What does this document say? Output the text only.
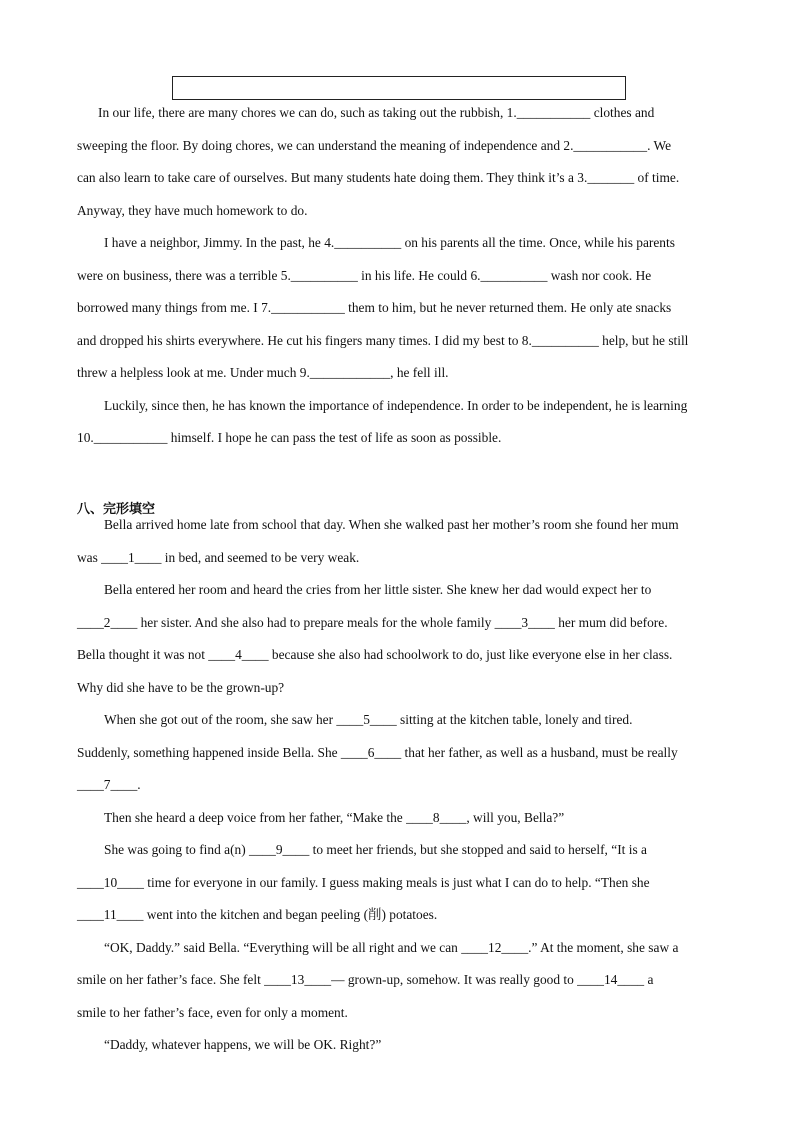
In our life, there are many chores we can do, such as taking out the rubbish, 1.___________ clothes and
sweeping the floor. By doing chores, we can understand the meaning of independence and 2.___________. We
can also learn to take care of ourselves. But many students hate doing them. They think it’s a 3._______ of time.
Anyway, they have much homework to do.
I have a neighbor, Jimmy. In the past, he 4.__________ on his parents all the time. Once, while his parents
were on business, there was a terrible 5.__________ in his life. He could 6.__________ wash nor cook. He
borrowed many things from me. I 7.___________ them to him, but he never returned them. He only ate snacks
and dropped his shirts everywhere. He cut his fingers many times. I did my best to 8.__________ help, but he still
threw a helpless look at me. Under much 9.____________, he fell ill.
Luckily, since then, he has known the importance of independence. In order to be independent, he is learning
10.___________ himself. I hope he can pass the test of life as soon as possible.
八、完形填空
Bella arrived home late from school that day. When she walked past her mother’s room she found her mum
was ____1____ in bed, and seemed to be very weak.
Bella entered her room and heard the cries from her little sister. She knew her dad would expect her to
____2____ her sister. And she also had to prepare meals for the whole family ____3____ her mum did before.
Bella thought it was not ____4____ because she also had schoolwork to do, just like everyone else in her class.
Why did she have to be the grown-up?
When she got out of the room, she saw her ____5____ sitting at the kitchen table, lonely and tired.
Suddenly, something happened inside Bella. She ____6____ that her father, as well as a husband, must be really
____7____.
Then she heard a deep voice from her father, “Make the ____8____, will you, Bella?”
She was going to find a(n) ____9____ to meet her friends, but she stopped and said to herself, “It is a
____10____ time for everyone in our family. I guess making meals is just what I can do to help. “Then she
____11____ went into the kitchen and began peeling (削) potatoes.
“OK, Daddy.” said Bella. “Everything will be all right and we can ____12____.” At the moment, she saw a
smile on her father’s face. She felt ____13____— grown-up, somehow. It was really good to ____14____ a
smile to her father’s face, even for only a moment.
“Daddy, whatever happens, we will be OK. Right?”
